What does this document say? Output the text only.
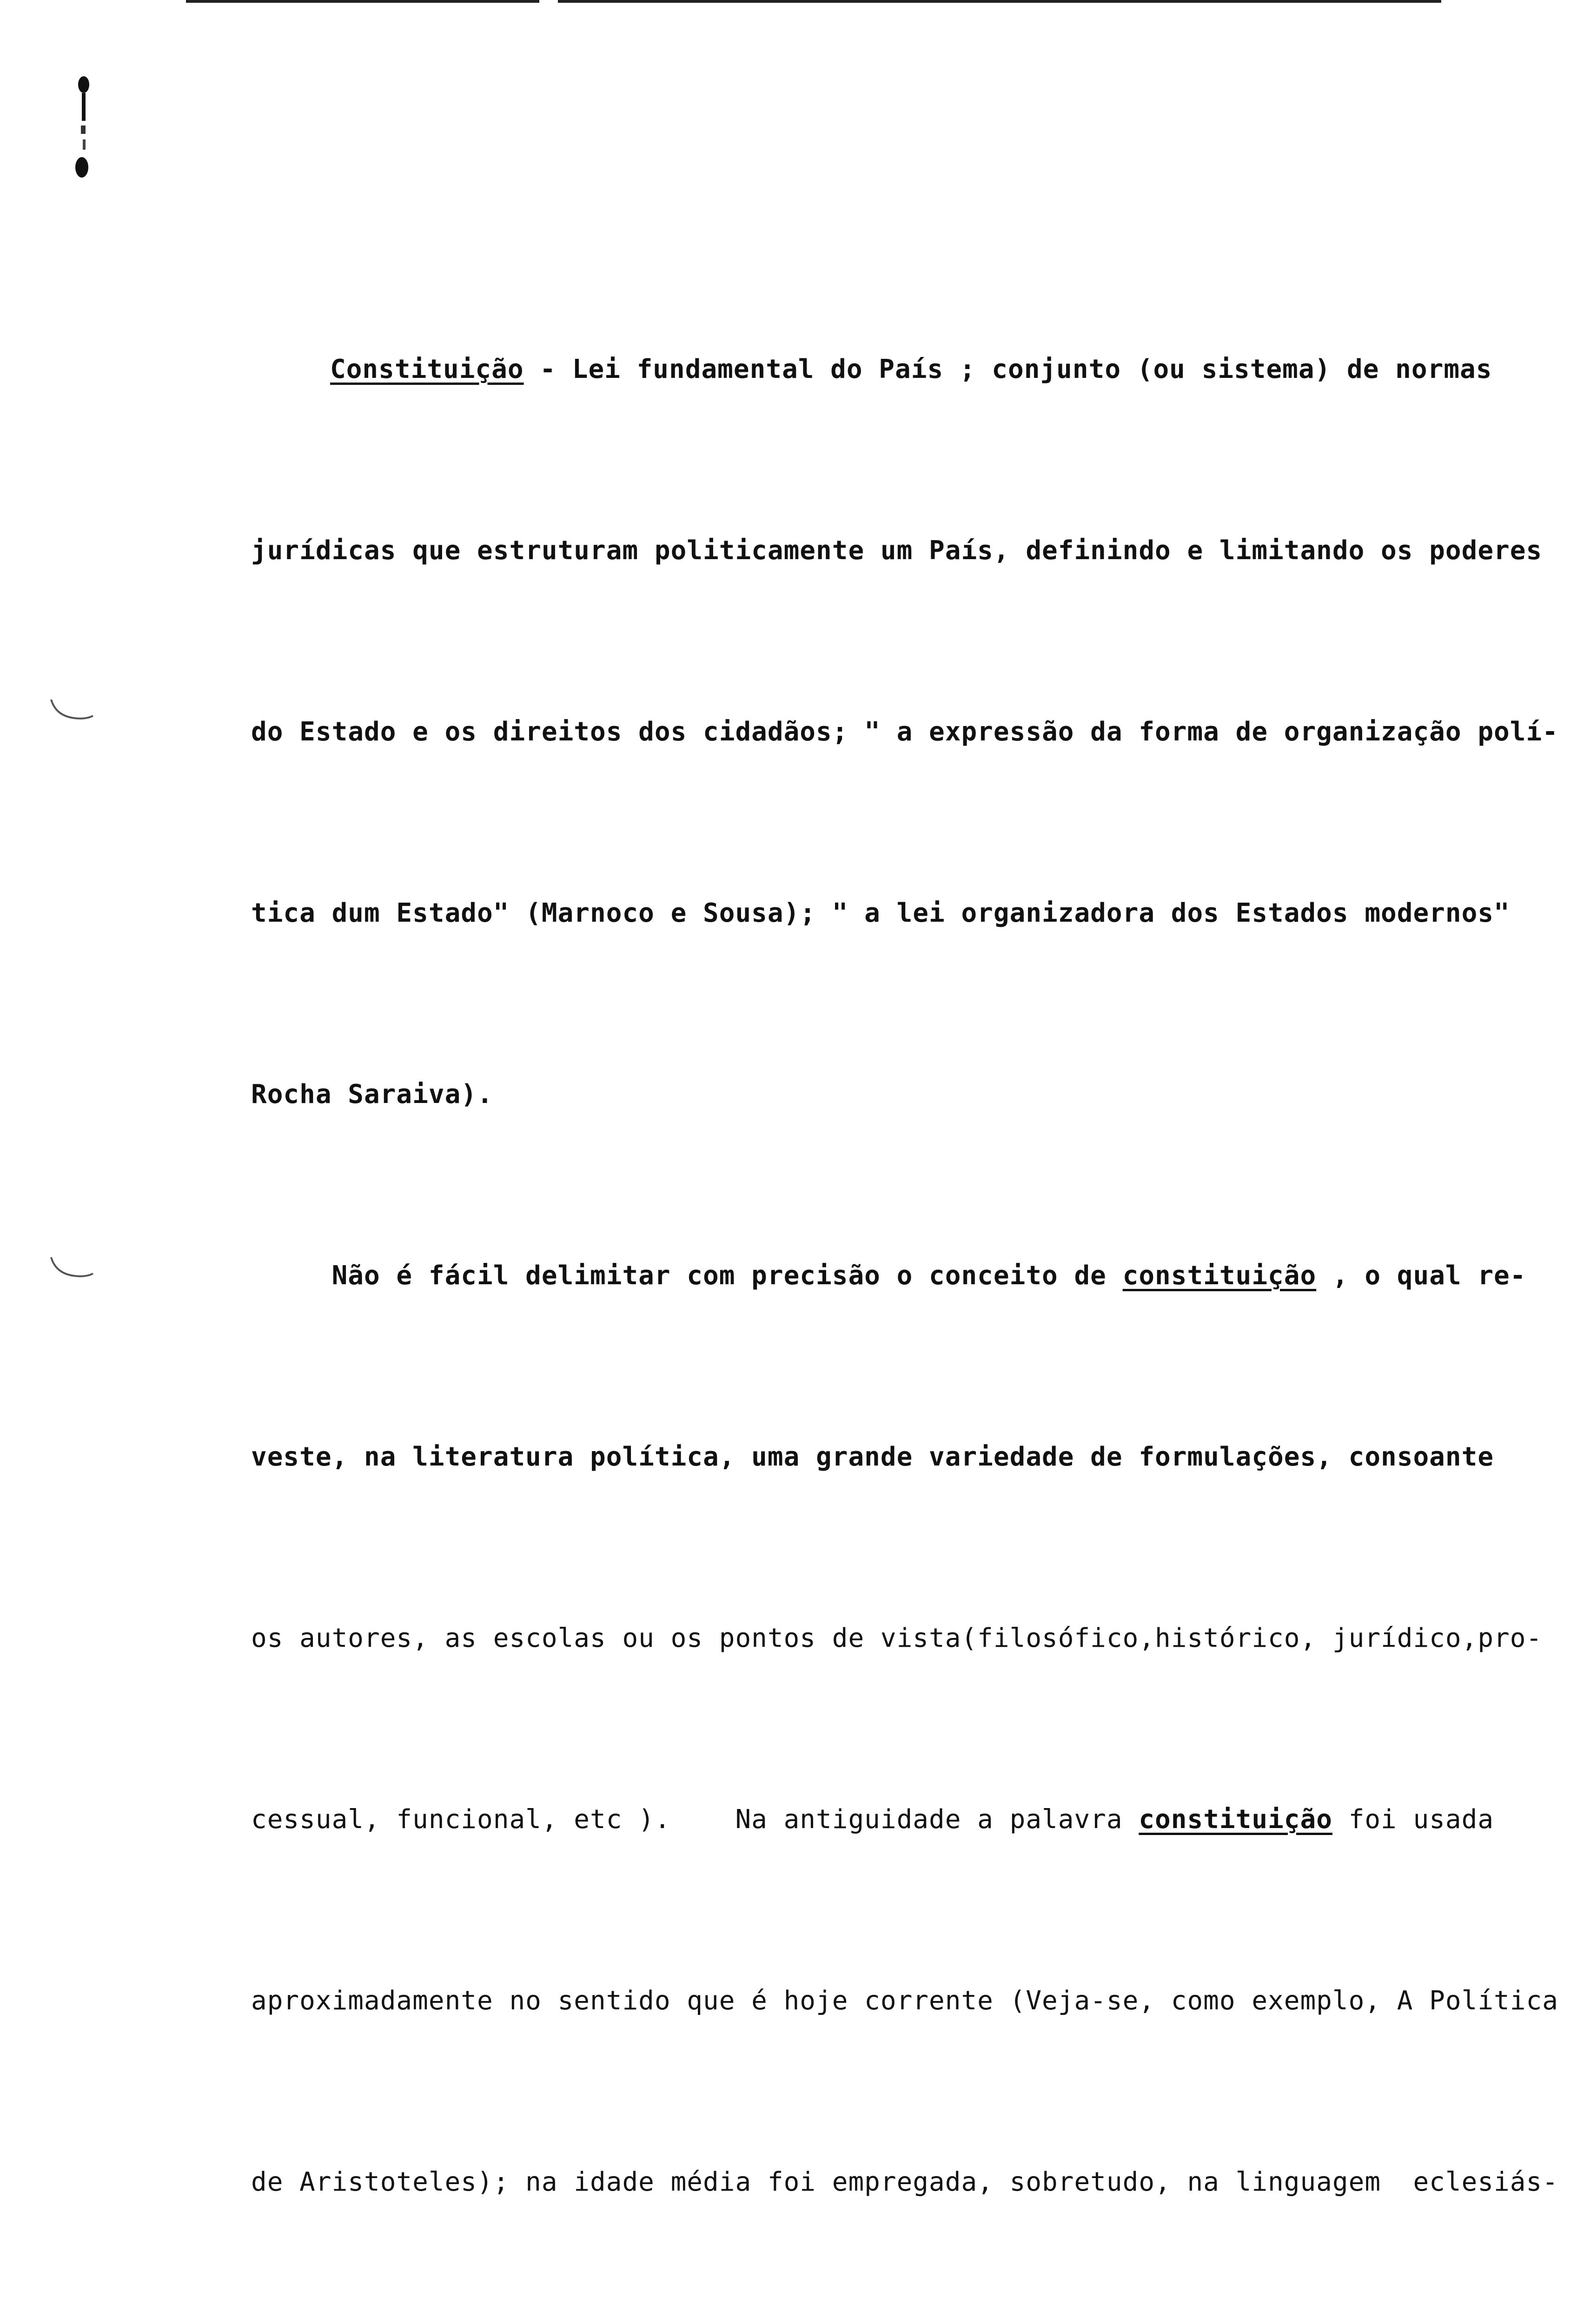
Constituição - Lei fundamental do País ; conjunto (ou sistema) de normas

jurídicas que estruturam politicamente um País, definindo e limitando os poderes

do Estado e os direitos dos cidadãos; " a expressão da forma de organização polí-

tica dum Estado" (Marnoco e Sousa); " a lei organizadora dos Estados modernos"

Rocha Saraiva).

Não é fácil delimitar com precisão o conceito de constituição , o qual re-

veste, na literatura política, uma grande variedade de formulações, consoante

os autores, as escolas ou os pontos de vista(filosófico,histórico, jurídico,pro-

cessual, funcional, etc ).    Na antiguidade a palavra constituição foi usada

aproximadamente no sentido que é hoje corrente (Veja-se, como exemplo, A Política

de Aristoteles); na idade média foi empregada, sobretudo, na linguagem  eclesiás-
